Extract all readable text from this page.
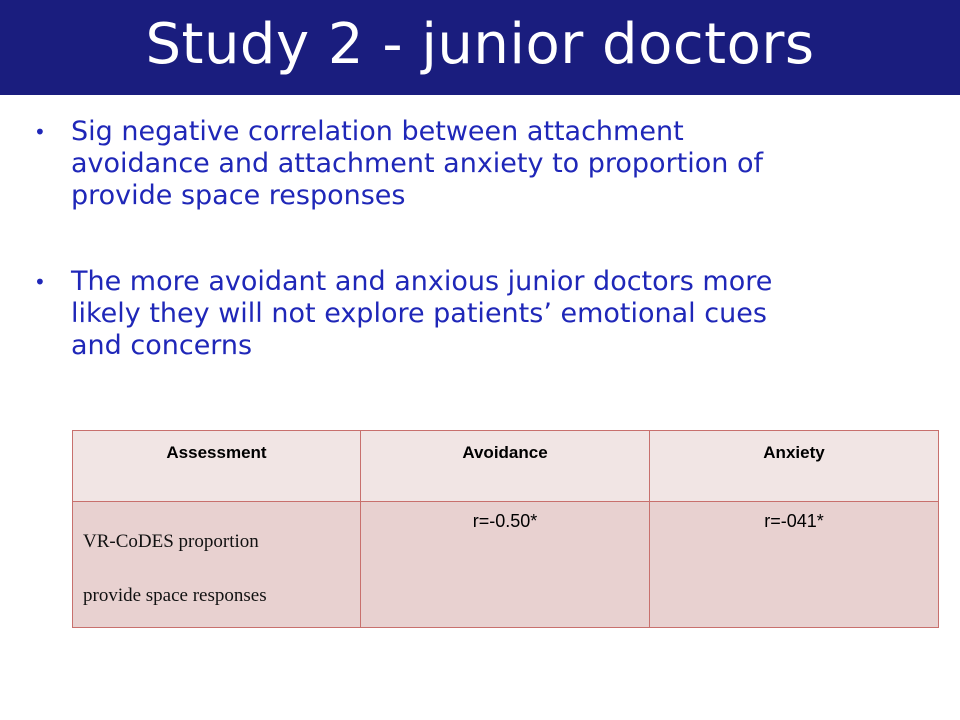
Study 2 - junior doctors
• Sig negative correlation between attachment
avoidance and attachment anxiety to proportion of
provide space responses
• The more avoidant and anxious junior doctors more
likely they will not explore patients’ emotional cues
and concerns
Assessment	Avoidance	Anxiety
VR-CoDES proportion
provide space responses	r=-0.50*	r=-041*
